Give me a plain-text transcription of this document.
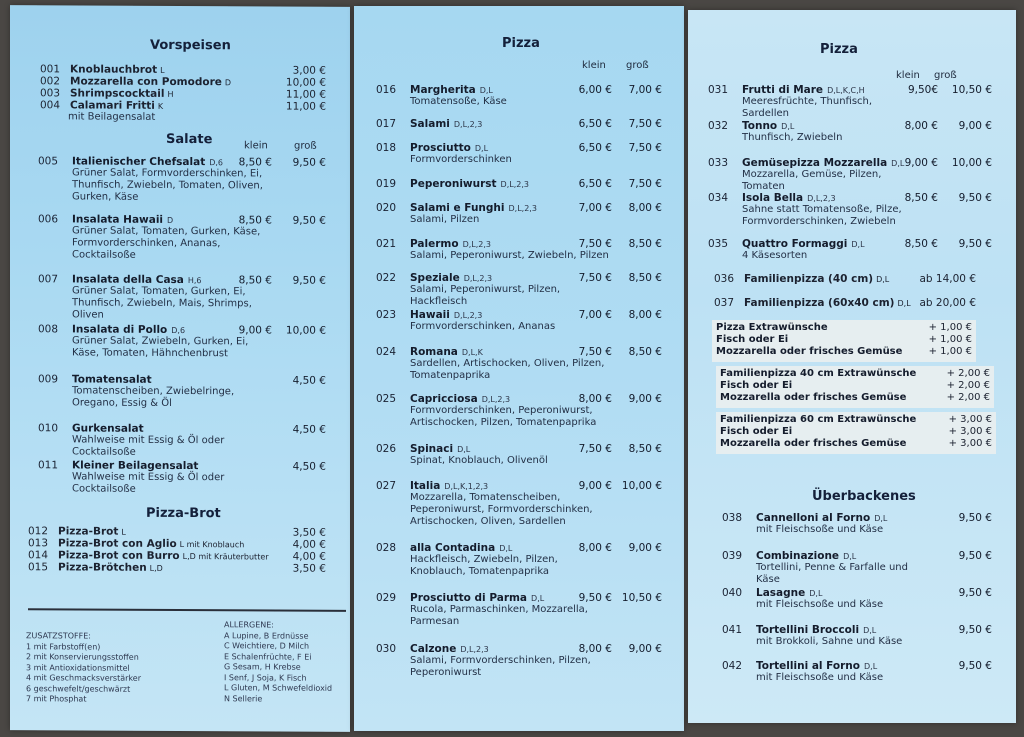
Vorspeisen
001 Knoblauchbrot L	3,00 €
002 Mozzarella con Pomodore D	10,00 €
003 Shrimpscocktail H	11,00 €
004 Calamari Fritti K	11,00 €
mit Beilagensalat
Salate	klein	groß
005	Italienischer Chefsalat D,6
Grüner Salat, Formvorderschinken, Ei, Thunfisch, Zwiebeln, Tomaten, Oliven, Gurken, Käse
8,50 € 9,50 €
006	Insalata Hawaii D
Grüner Salat, Tomaten, Gurken, Käse, Formvorderschinken, Ananas, Cocktailsoße
8,50 € 9,50 €
007	Insalata della Casa H,6
Grüner Salat, Tomaten, Gurken, Ei, Thunfisch, Zwiebeln, Mais, Shrimps, Oliven
8,50 € 9,50 €
008	Insalata di Pollo D,6
Grüner Salat, Zwiebeln, Gurken, Ei, Käse, Tomaten, Hähnchenbrust
9,00 € 10,00 €
009	Tomatensalat
Tomatenscheiben, Zwiebelringe, Oregano, Essig & Öl
4,50 €
010	Gurkensalat
Wahlweise mit Essig & Öl oder Cocktailsoße
4,50 €
011	Kleiner Beilagensalat
Wahlweise mit Essig & Öl oder Cocktailsoße
4,50 €
Pizza-Brot
012 Pizza-Brot L	3,50 €
013 Pizza-Brot con Aglio L mit Knoblauch	4,00 €
014 Pizza-Brot con Burro L,D mit Kräuterbutter 4,00 €
015 Pizza-Brötchen L,D	3,50 €
ZUSATZSTOFFE:
1 mit Farbstoff(en)
2 mit Konservierungsstoffen
3 mit Antioxidationsmittel
4 mit Geschmacksverstärker
6 geschwefelt/geschwärzt
7 mit Phosphat
ALLERGENE:
A Lupine, B Erdnüsse
C Weichtiere, D Milch
E Schalenfrüchte, F Ei
G Sesam, H Krebse
I Senf, J Soja, K Fisch
L Gluten, M Schwefeldioxid
N Sellerie
Pizza
klein groß
016	Margherita D,L
Tomatensoße, Käse
6,00 € 7,00 €
017	Salami D,L,2,3	6,50 € 7,50 €
018	Prosciutto D,L
Formvorderschinken
6,50 € 7,50 €
019	Peperoniwurst D,L,2,3	6,50 € 7,50 €
020	Salami e Funghi D,L,2,3
Salami, Pilzen
7,00 € 8,00 €
021	Palermo D,L,2,3
Salami, Peperoniwurst, Zwiebeln, Pilzen
7,50 € 8,50 €
022	Speziale D,L,2,3
Salami, Peperoniwurst, Pilzen, Hackfleisch
7,50 € 8,50 €
023	Hawaii D,L,2,3
Formvorderschinken, Ananas
7,00 € 8,00 €
024	Romana D,L,K
Sardellen, Artischocken, Oliven, Pilzen, Tomatenpaprika
7,50 € 8,50 €
025	Capricciosa D,L,2,3
Formvorderschinken, Peperoniwurst, Artischocken, Pilzen, Tomatenpaprika
8,00 € 9,00 €
026	Spinaci D,L
Spinat, Knoblauch, Olivenöl
7,50 € 8,50 €
027	Italia D,L,K,1,2,3
Mozzarella, Tomatenscheiben, Peperoniwurst, Formvorderschinken, Artischocken, Oliven, Sardellen
9,00 € 10,00 €
028	alla Contadina D,L
Hackfleisch, Zwiebeln, Pilzen, Knoblauch, Tomatenpaprika
8,00 € 9,00 €
029	Prosciutto di Parma D,L
Rucola, Parmaschinken, Mozzarella, Parmesan
9,50 € 10,50 €
030	Calzone D,L,2,3
Salami, Formvorderschinken, Pilzen, Peperoniwurst
8,00 € 9,00 €
Pizza
klein groß
031	Frutti di Mare D,L,K,C,H
Meeresfrüchte, Thunfisch, Sardellen
9,50€ 10,50 €
032	Tonno D,L
Thunfisch, Zwiebeln
8,00 € 9,00 €
033	Gemüsepizza Mozzarella D,L
Mozzarella, Gemüse, Pilzen, Tomaten
9,00 € 10,00 €
034	Isola Bella D,L,2,3
Sahne statt Tomatensoße, Pilze, Formvorderschinken, Zwiebeln
8,50 € 9,50 €
035	Quattro Formaggi D,L
4 Käsesorten
8,50 € 9,50 €
036 Familienpizza (40 cm) D,L	ab 14,00 €
037 Familienpizza (60x40 cm) D,L ab 20,00 €
Pizza Extrawünsche	+ 1,00 €
Fisch oder Ei	+ 1,00 €
Mozzarella oder frisches Gemüse	+ 1,00 €
Familienpizza 40 cm Extrawünsche	+ 2,00 €
Fisch oder Ei	+ 2,00 €
Mozzarella oder frisches Gemüse	+ 2,00 €
Familienpizza 60 cm Extrawünsche	+ 3,00 €
Fisch oder Ei	+ 3,00 €
Mozzarella oder frisches Gemüse	+ 3,00 €
Überbackenes
038	Cannelloni al Forno D,L
mit Fleischsoße und Käse
9,50 €
039	Combinazione D,L
Tortellini, Penne & Farfalle und Käse
9,50 €
040	Lasagne D,L
mit Fleischsoße und Käse
9,50 €
041	Tortellini Broccoli D,L
mit Brokkoli, Sahne und Käse
9,50 €
042	Tortellini al Forno D,L
mit Fleischsoße und Käse
9,50 €
